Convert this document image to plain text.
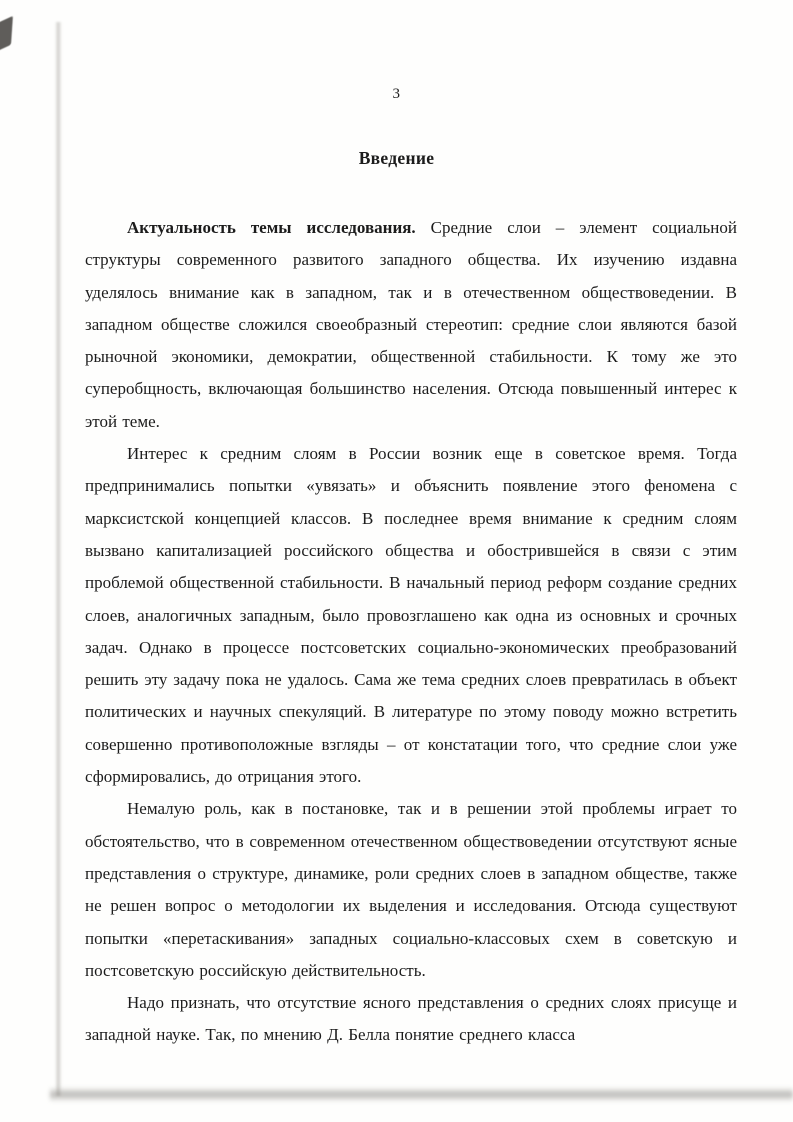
3
Введение

Актуальность темы исследования. Средние слои – элемент социальной структуры современного развитого западного общества. Их изучению издавна уделялось внимание как в западном, так и в отечественном обществоведении. В западном обществе сложился своеобразный стереотип: средние слои являются базой рыночной экономики, демократии, общественной стабильности. К тому же это суперобщность, включающая большинство населения. Отсюда повышенный интерес к этой теме.

Интерес к средним слоям в России возник еще в советское время. Тогда предпринимались попытки «увязать» и объяснить появление этого феномена с марксистской концепцией классов. В последнее время внимание к средним слоям вызвано капитализацией российского общества и обострившейся в связи с этим проблемой общественной стабильности. В начальный период реформ создание средних слоев, аналогичных западным, было провозглашено как одна из основных и срочных задач. Однако в процессе постсоветских социально-экономических преобразований решить эту задачу пока не удалось. Сама же тема средних слоев превратилась в объект политических и научных спекуляций. В литературе по этому поводу можно встретить совершенно противоположные взгляды – от констатации того, что средние слои уже сформировались, до отрицания этого.

Немалую роль, как в постановке, так и в решении этой проблемы играет то обстоятельство, что в современном отечественном обществоведении отсутствуют ясные представления о структуре, динамике, роли средних слоев в западном обществе, также не решен вопрос о методологии их выделения и исследования. Отсюда существуют попытки «перетаскивания» западных социально-классовых схем в советскую и постсоветскую российскую действительность.

Надо признать, что отсутствие ясного представления о средних слоях присуще и западной науке. Так, по мнению Д. Белла понятие среднего класса
